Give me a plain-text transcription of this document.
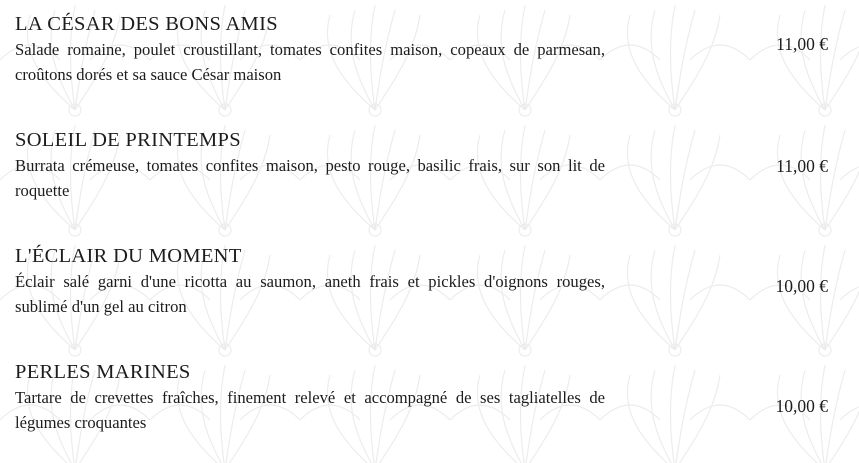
LA CÉSAR DES BONS AMIS
Salade romaine, poulet croustillant, tomates confites maison, copeaux de parmesan, croûtons dorés et sa sauce César maison
11,00 €
SOLEIL DE PRINTEMPS
Burrata crémeuse, tomates confites maison, pesto rouge, basilic frais, sur son lit de roquette
11,00 €
L'ÉCLAIR DU MOMENT
Éclair salé garni d'une ricotta au saumon, aneth frais et pickles d'oignons rouges, sublimé d'un gel au citron
10,00 €
PERLES MARINES
Tartare de crevettes fraîches, finement relevé et accompagné de ses tagliatelles de légumes croquantes
10,00 €
